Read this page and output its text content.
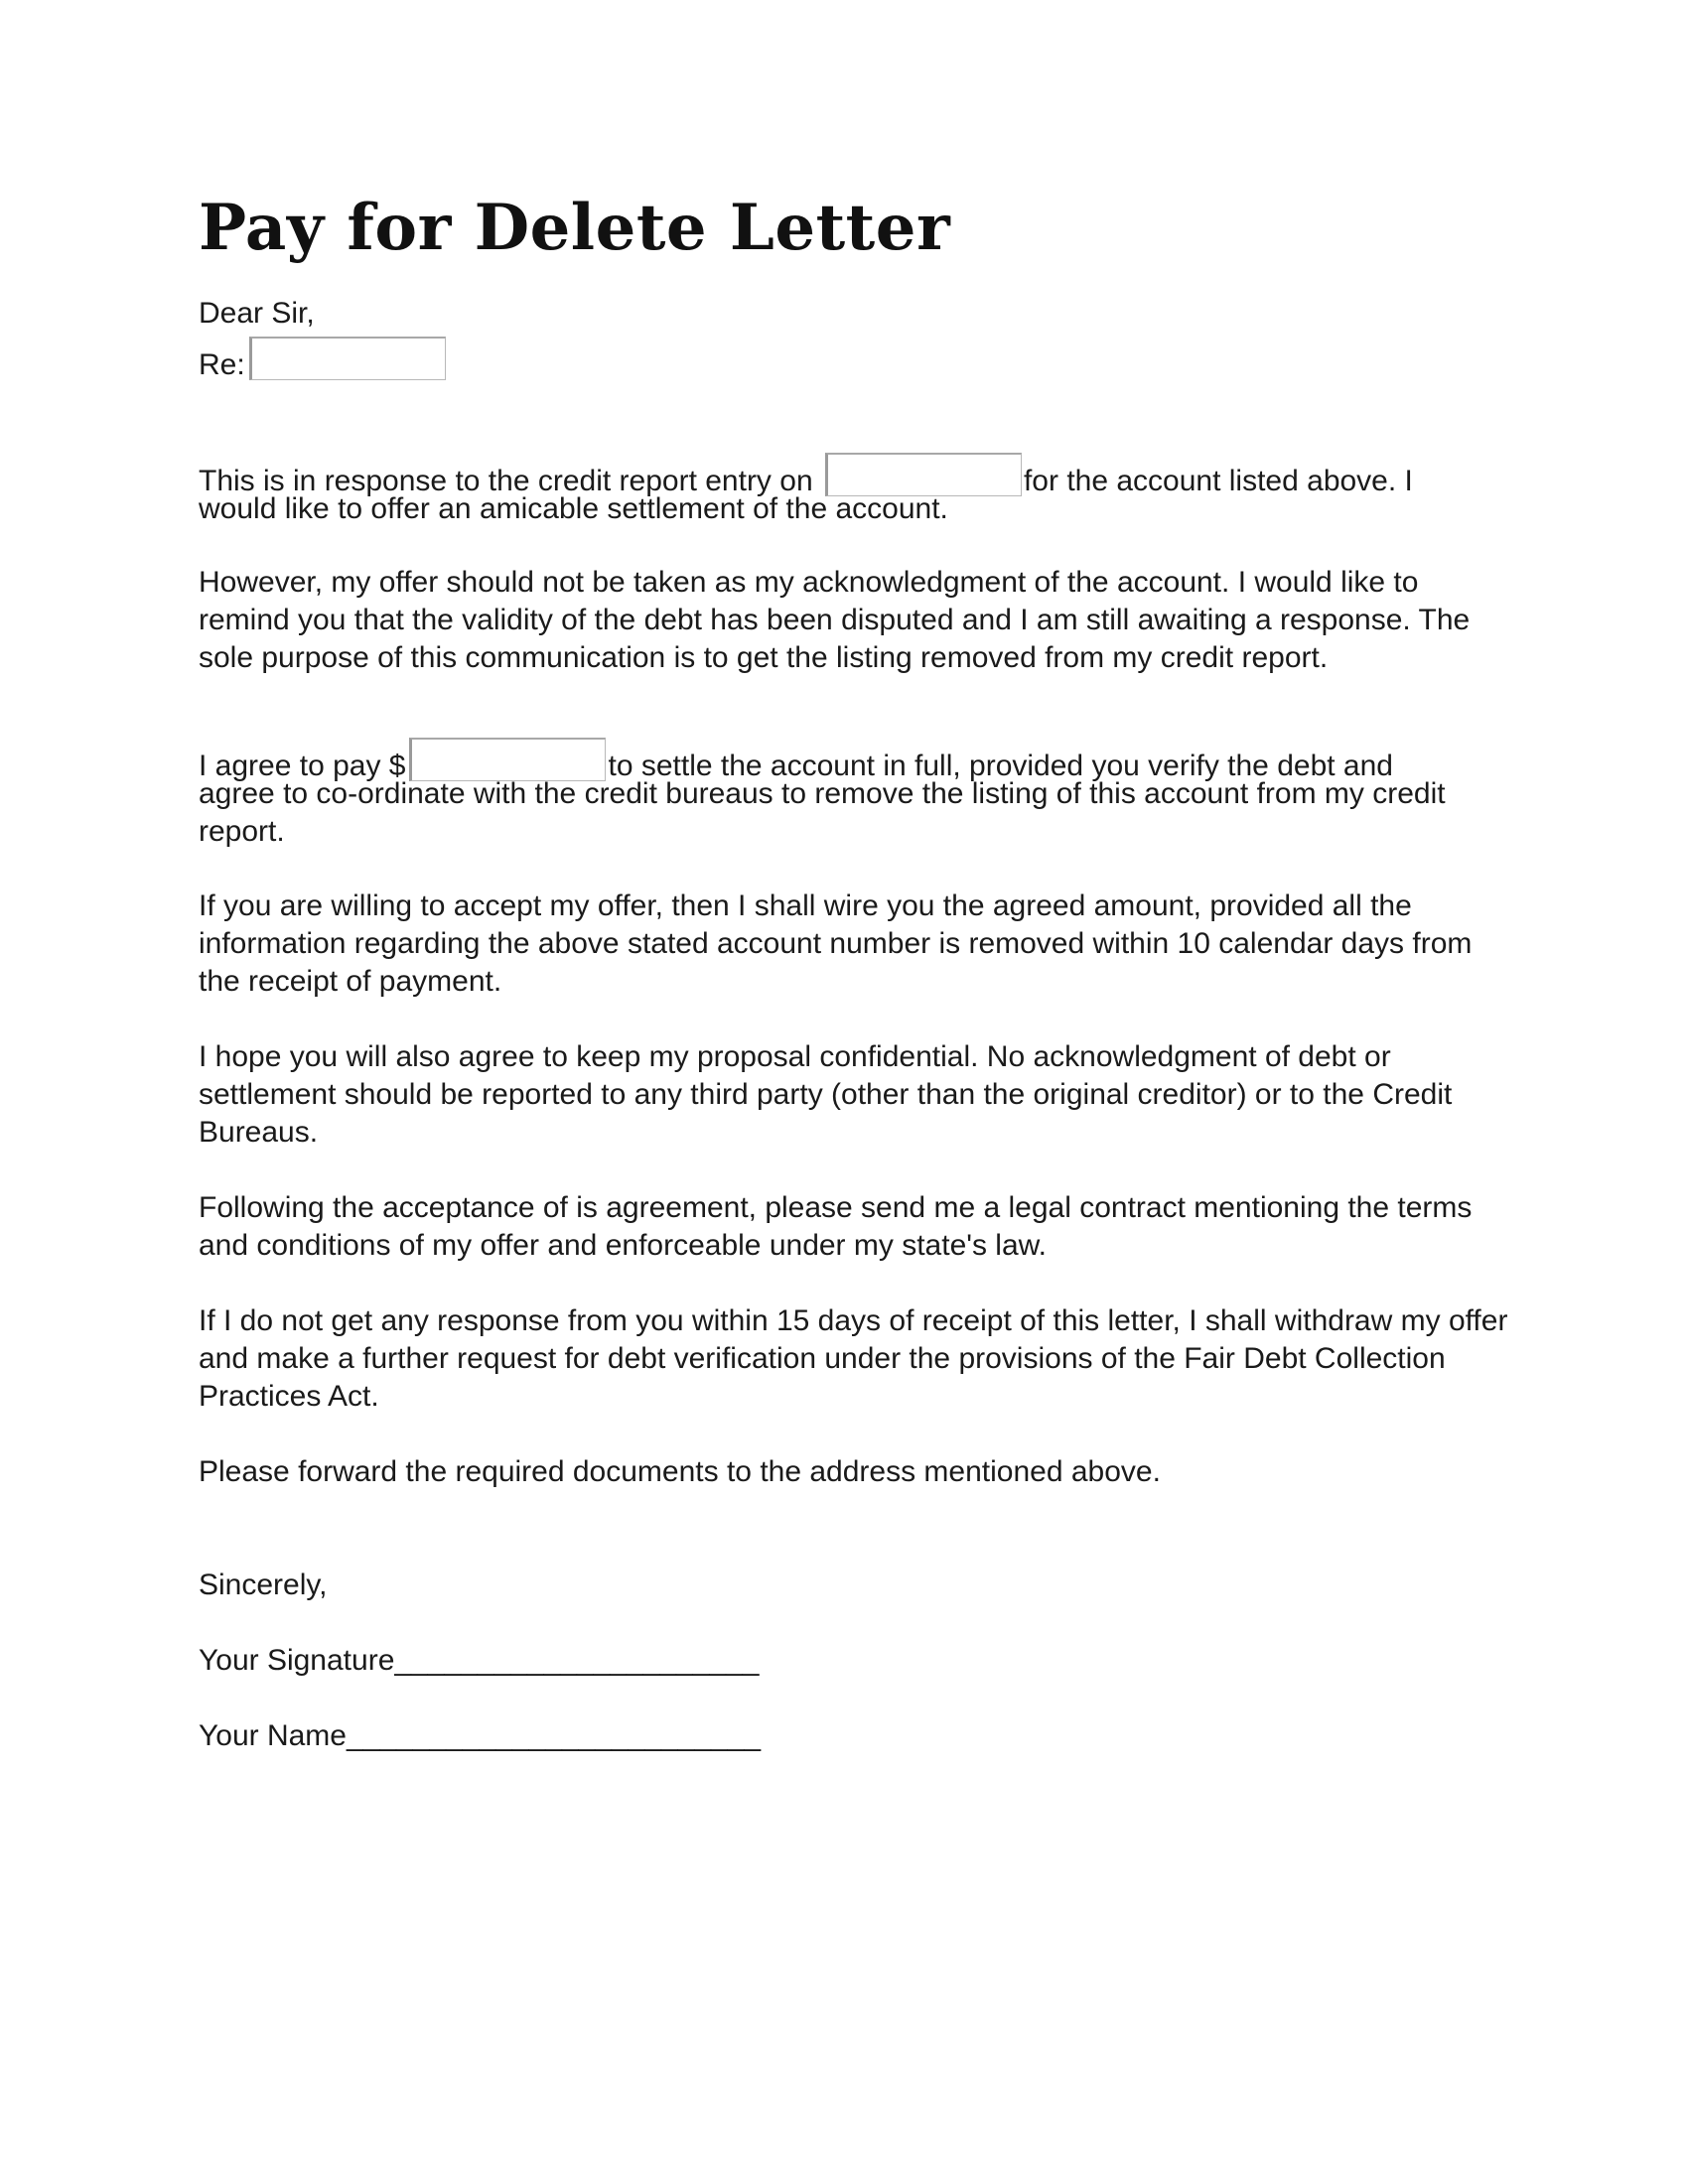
Pay for Delete Letter
Dear Sir,
Re:
This is in response to the credit report entry on	for the account listed above. I
would like to offer an amicable settlement of the account.

However, my offer should not be taken as my acknowledgment of the account. I would like to remind you that the validity of the debt has been disputed and I am still awaiting a response. The sole purpose of this communication is to get the listing removed from my credit report.

I agree to pay $	to settle the account in full, provided you verify the debt and

agree to co-ordinate with the credit bureaus to remove the listing of this account from my credit report.

If you are willing to accept my offer, then I shall wire you the agreed amount, provided all the information regarding the above stated account number is removed within 10 calendar days from the receipt of payment.

I hope you will also agree to keep my proposal confidential. No acknowledgment of debt or settlement should be reported to any third party (other than the original creditor) or to the Credit Bureaus.

Following the acceptance of is agreement, please send me a legal contract mentioning the terms and conditions of my offer and enforceable under my state's law.

If I do not get any response from you within 15 days of receipt of this letter, I shall withdraw my offer and make a further request for debt verification under the provisions of the Fair Debt Collection Practices Act.

Please forward the required documents to the address mentioned above.

Sincerely,
Your Signature______________________
Your Name_________________________
